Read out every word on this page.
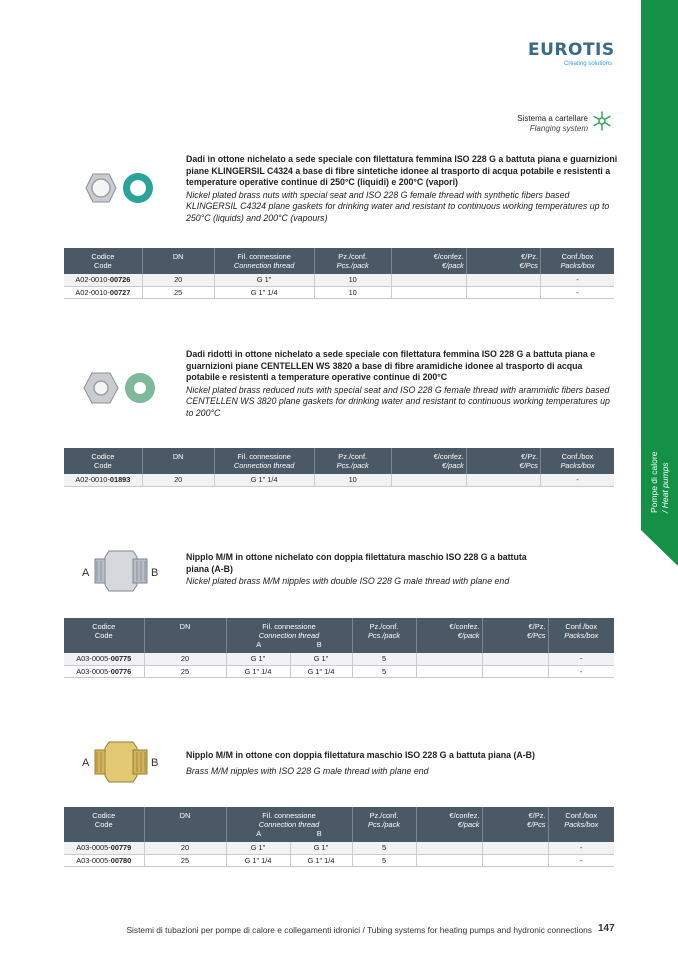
EUROTIS
Creating solutions
Pompe di calore / Heat pumps
Sistema a cartellare
Flanging system
Dadi in ottone nichelato a sede speciale con filettatura femmina ISO 228 G a battuta piana e guarnizioni piane KLINGERSIL C4324 a base di fibre sintetiche idonee al trasporto di acqua potabile e resistenti a temperature operative continue di 250°C (liquidi) e 200°C (vapori)
Nickel plated brass nuts with special seat and ISO 228 G female thread with synthetic fibers based KLINGERSIL C4324 plane gaskets for drinking water and resistant to continuous working temperatures up to 250°C (liquids) and 200°C (vapours)
Codice
Code	DN	Fil. connessione
Connection thread	Pz./conf.
Pcs./pack	€/confez.
€/pack	€/Pz.
€/Pcs	Conf./box
Packs/box

A02-0010-00726	20	G 1"	10			-
A02-0010-00727	25	G 1" 1/4	10			-
Dadi ridotti in ottone nichelato a sede speciale con filettatura femmina ISO 228 G a battuta piana e guarnizioni piane CENTELLEN WS 3820 a base di fibre aramidiche idonee al trasporto di acqua potabile e resistenti a temperature operative continue di 200°C
Nickel plated brass reduced nuts with special seat and ISO 228 G female thread with arammidic fibers based CENTELLEN WS 3820 plane gaskets for drinking water and resistant to continuous working temperatures up to 200°C
Codice
Code	DN	Fil. connessione
Connection thread	Pz./conf.
Pcs./pack	€/confez.
€/pack	€/Pz.
€/Pcs	Conf./box
Packs/box

A02-0010-01893	20	G 1" 1/4	10			-
A	B
Nipplo M/M in ottone nichelato con doppia filettatura maschio ISO 228 G a battuta piana (A-B)
Nickel plated brass M/M nipples with double ISO 228 G male thread with plane end
Codice
Code	DN	Fil. connessione
Connection thread
A B		Pz./conf.
Pcs./pack	€/confez.
€/pack	€/Pz.
€/Pcs	Conf./box
Packs/box

A03-0005-00775	20	G 1"	G 1"	5			-
A03-0005-00776	25	G 1" 1/4	G 1" 1/4	5			-
A	B
Nipplo M/M in ottone con doppia filettatura maschio ISO 228 G a battuta piana (A-B)
Brass M/M nipples with ISO 228 G male thread with plane end
Codice
Code	DN	Fil. connessione
Connection thread
A B		Pz./conf.
Pcs./pack	€/confez.
€/pack	€/Pz.
€/Pcs	Conf./box
Packs/box

A03-0005-00779	20	G 1"	G 1"	5			-
A03-0005-00780	25	G 1" 1/4	G 1" 1/4	5			-
Sistemi di tubazioni per pompe di calore e collegamenti idronici / Tubing systems for heating pumps and hydronic connections 147
